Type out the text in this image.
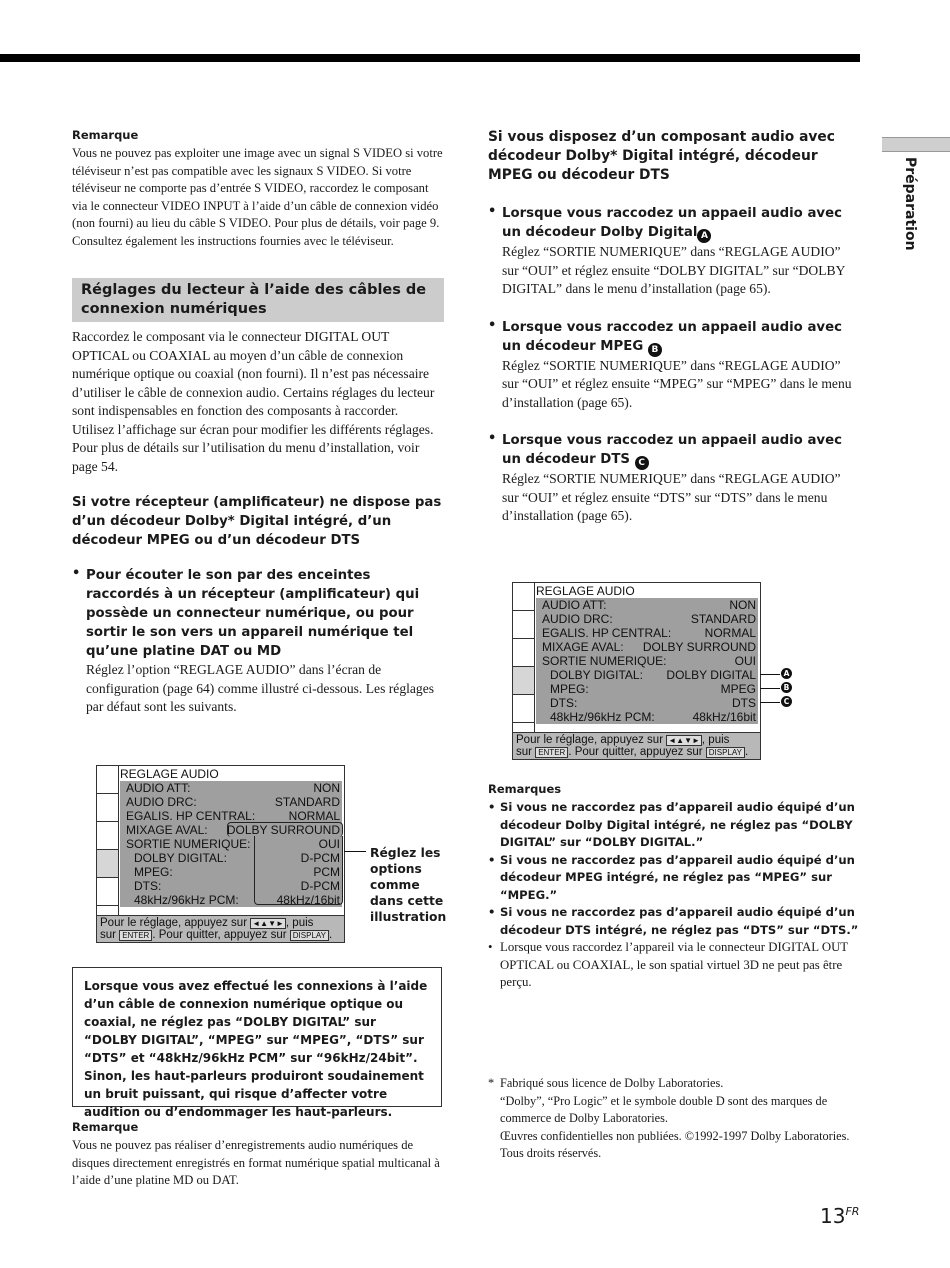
Préparation
Remarque

Vous ne pouvez pas exploiter une image avec un signal S VIDEO si votre téléviseur n’est pas compatible avec les signaux S VIDEO. Si votre téléviseur ne comporte pas d’entrée S VIDEO, raccordez le composant via le connecteur VIDEO INPUT à l’aide d’un câble de connexion vidéo (non fourni) au lieu du câble S VIDEO. Pour plus de détails, voir page 9.

Consultez également les instructions fournies avec le téléviseur.

Réglages du lecteur à l’aide des câbles de connexion numériques

Raccordez le composant via le connecteur DIGITAL OUT OPTICAL ou COAXIAL au moyen d’un câble de connexion numérique optique ou coaxial (non fourni). Il n’est pas nécessaire d’utiliser le câble de connexion audio. Certains réglages du lecteur sont indispensables en fonction des composants à raccorder.

Utilisez l’affichage sur écran pour modifier les différents réglages.

Pour plus de détails sur l’utilisation du menu d’installation, voir page 54.

Si votre récepteur (amplificateur) ne dispose pas d’un décodeur Dolby* Digital intégré, d’un décodeur MPEG ou d’un décodeur DTS

• Pour écouter le son par des enceintes raccordés à un récepteur (amplificateur) qui possède un connecteur numérique, ou pour sortir le son vers un appareil numérique tel qu’une platine DAT ou MD

Réglez l’option “REGLAGE AUDIO” dans l’écran de configuration (page 64) comme illustré ci-dessous. Les réglages par défaut sont les suivants.

REGLAGE AUDIO
AUDIO ATT:	NON
AUDIO DRC:	STANDARD
EGALIS. HP CENTRAL:	NORMAL
MIXAGE AVAL: DOLBY SURROUND
SORTIE NUMERIQUE:	OUI
DOLBY DIGITAL:	D-PCM
MPEG:	PCM
DTS:	D-PCM
48kHz/96kHz PCM:	48kHz/16bit
Pour le réglage, appuyez sur ◄▲▼► , puis
sur ENTER . Pour quitter, appuyez sur DISPLAY .
Réglez les options comme dans cette illustration

Lorsque vous avez effectué les connexions à l’aide d’un câble de connexion numérique optique ou coaxial, ne réglez pas “DOLBY DIGITAL” sur “DOLBY DIGITAL”, “MPEG” sur “MPEG”, “DTS” sur “DTS” et “48kHz/96kHz PCM” sur “96kHz/24bit”. Sinon, les haut-parleurs produiront soudainement un bruit puissant, qui risque d’affecter votre audition ou d’endommager les haut-parleurs.

Remarque

Vous ne pouvez pas réaliser d’enregistrements audio numériques de disques directement enregistrés en format numérique spatial multicanal à l’aide d’une platine MD ou DAT.

Si vous disposez d’un composant audio avec décodeur Dolby* Digital intégré, décodeur MPEG ou décodeur DTS

• Lorsque vous raccodez un appaeil audio avec un décodeur Dolby Digital A

Réglez “SORTIE NUMERIQUE” dans “REGLAGE AUDIO” sur “OUI” et réglez ensuite “DOLBY DIGITAL” sur “DOLBY DIGITAL” dans le menu d’installation (page 65).

• Lorsque vous raccodez un appaeil audio avec un décodeur MPEG B

Réglez “SORTIE NUMERIQUE” dans “REGLAGE AUDIO” sur “OUI” et réglez ensuite “MPEG” sur “MPEG” dans le menu d’installation (page 65).

• Lorsque vous raccodez un appaeil audio avec un décodeur DTS C

Réglez “SORTIE NUMERIQUE” dans “REGLAGE AUDIO” sur “OUI” et réglez ensuite “DTS” sur “DTS” dans le menu d’installation (page 65).

REGLAGE AUDIO
AUDIO ATT:	NON
AUDIO DRC:	STANDARD
EGALIS. HP CENTRAL:	NORMAL
MIXAGE AVAL: DOLBY SURROUND
SORTIE NUMERIQUE:	OUI
DOLBY DIGITAL: DOLBY DIGITAL
MPEG:	MPEG
DTS:	DTS
48kHz/96kHz PCM:	48kHz/16bit
Pour le réglage, appuyez sur ◄▲▼► , puis
sur ENTER . Pour quitter, appuyez sur DISPLAY .
A
B
C
Remarques
• Si vous ne raccordez pas d’appareil audio équipé d’un décodeur Dolby Digital intégré, ne réglez pas “DOLBY DIGITAL” sur “DOLBY DIGITAL.”
• Si vous ne raccordez pas d’appareil audio équipé d’un décodeur MPEG intégré, ne réglez pas “MPEG” sur “MPEG.”
• Si vous ne raccordez pas d’appareil audio équipé d’un décodeur DTS intégré, ne réglez pas “DTS” sur “DTS.”
• Lorsque vous raccordez l’appareil via le connecteur DIGITAL OUT OPTICAL ou COAXIAL, le son spatial virtuel 3D ne peut pas être perçu.
* Fabriqué sous licence de Dolby Laboratories.
“Dolby”, “Pro Logic” et le symbole double D sont des marques de commerce de Dolby Laboratories.
Œuvres confidentielles non publiées. ©1992-1997 Dolby Laboratories. Tous droits réservés.
$13^{FR}$
